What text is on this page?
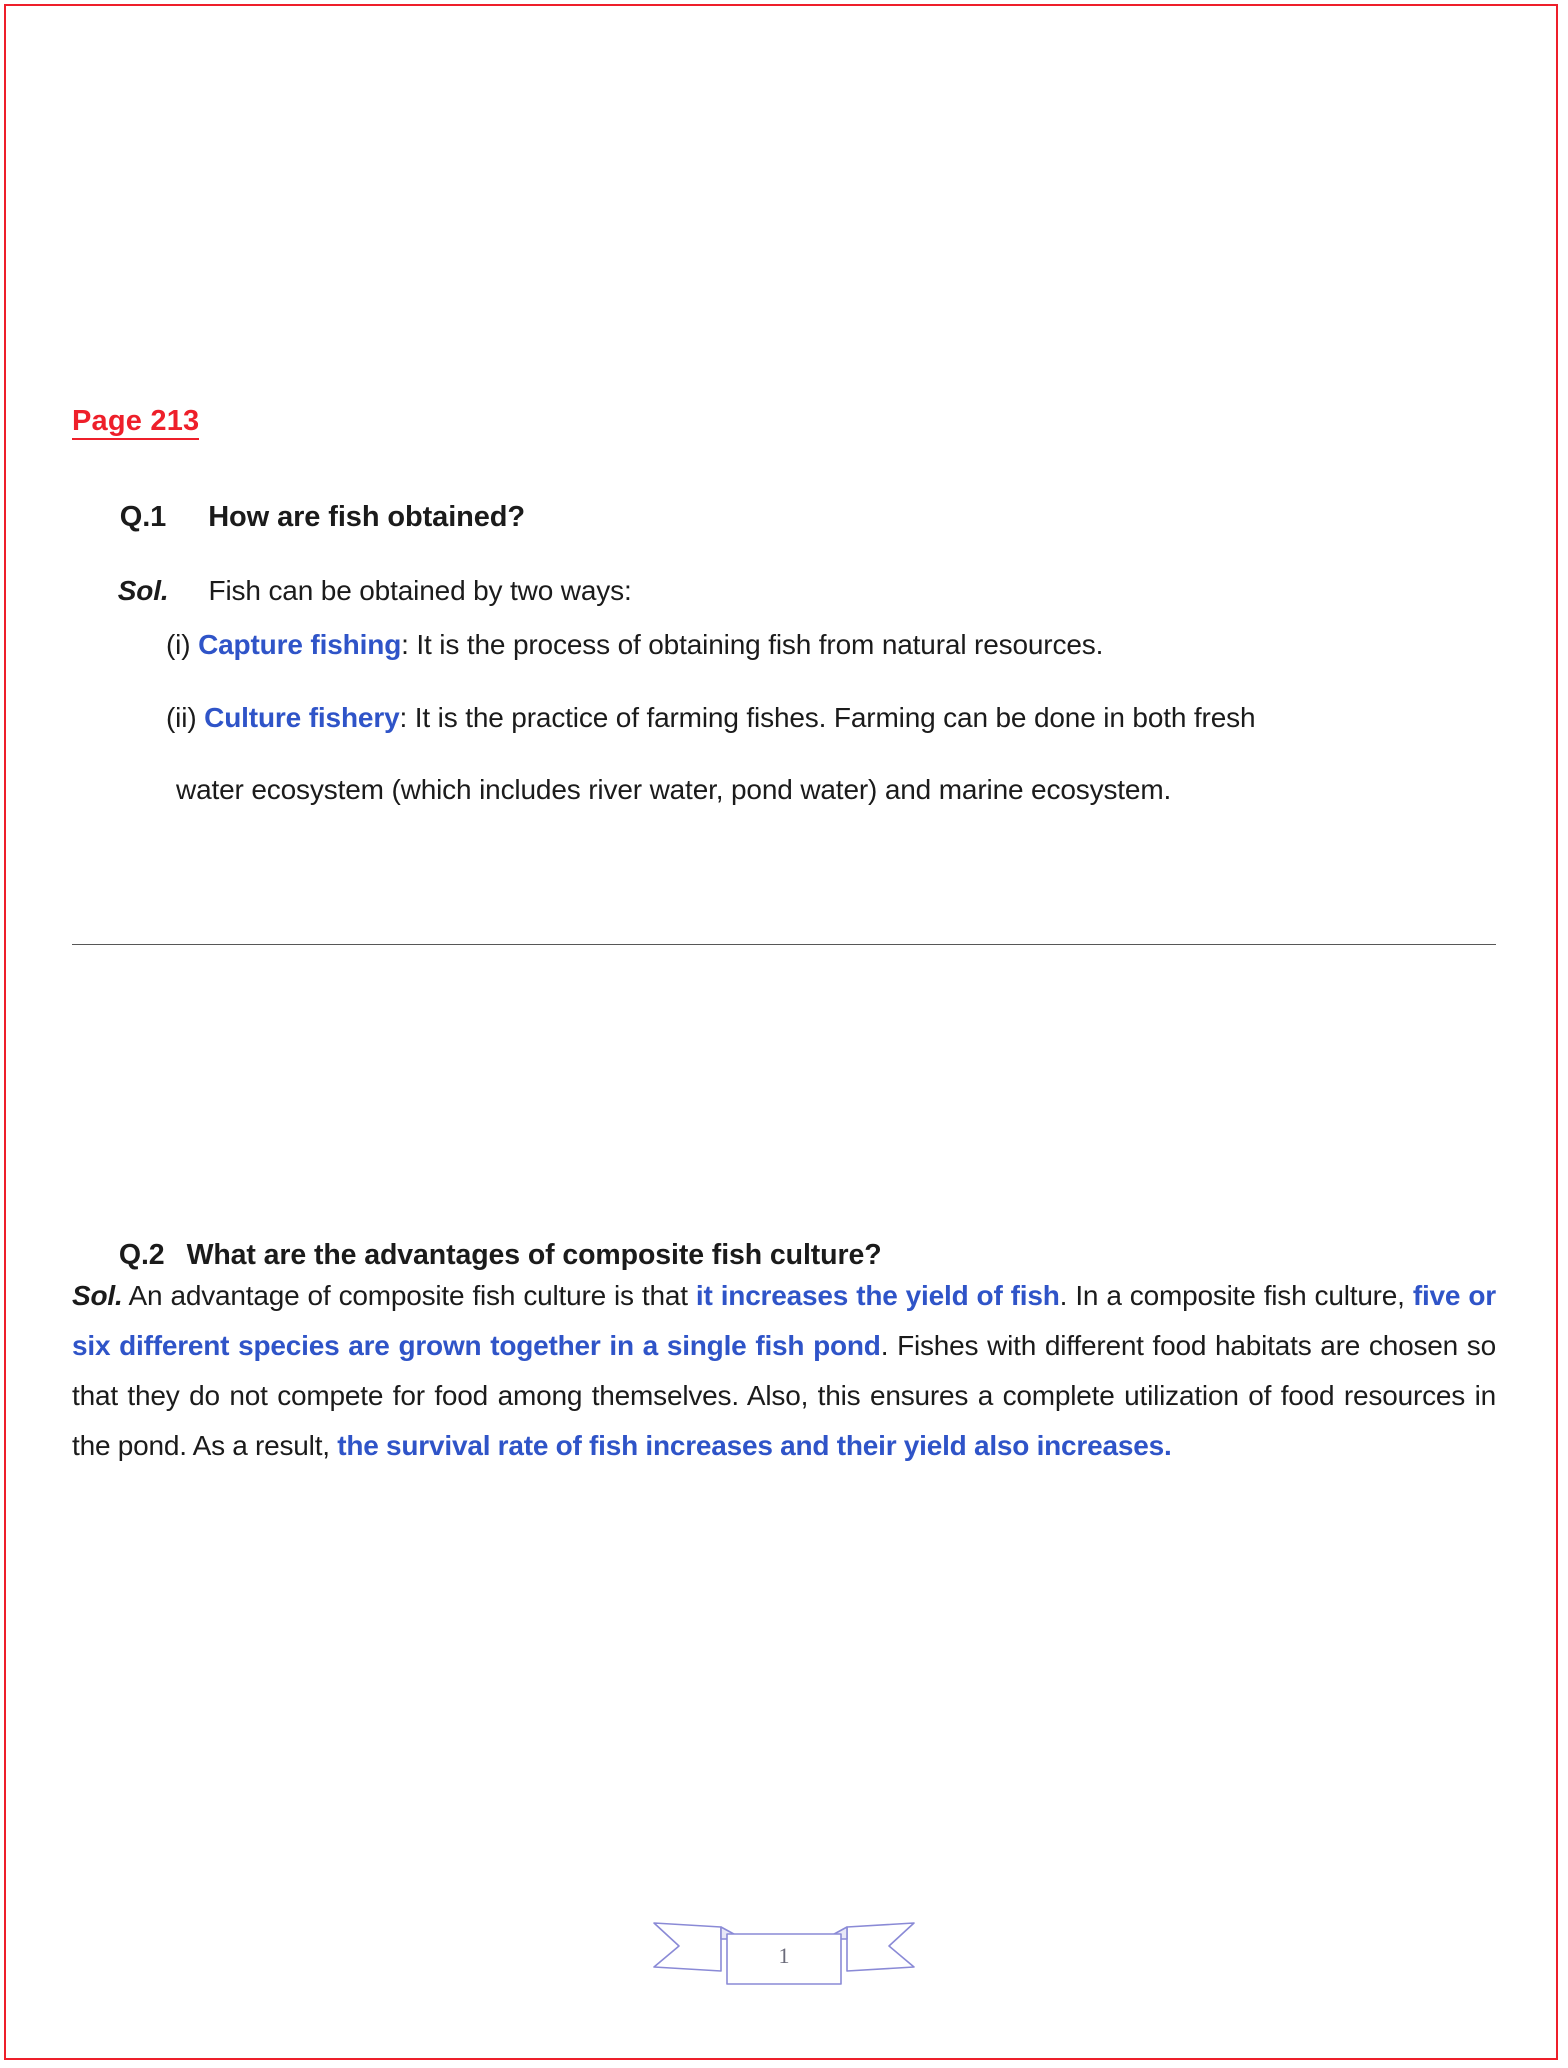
Page 213

Q.1 How are fish obtained?

Sol. Fish can be obtained by two ways:

(i) Capture fishing: It is the process of obtaining fish from natural resources.
(ii) Culture fishery: It is the practice of farming fishes. Farming can be done in both fresh
water ecosystem (which includes river water, pond water) and marine ecosystem.

Q.2 What are the advantages of composite fish culture?

Sol. An advantage of composite fish culture is that it increases the yield of fish. In a composite fish culture, five or six different species are grown together in a single fish pond. Fishes with different food habitats are chosen so that they do not compete for food among themselves. Also, this ensures a complete utilization of food resources in the pond. As a result, the survival rate of fish increases and their yield also increases.
1
